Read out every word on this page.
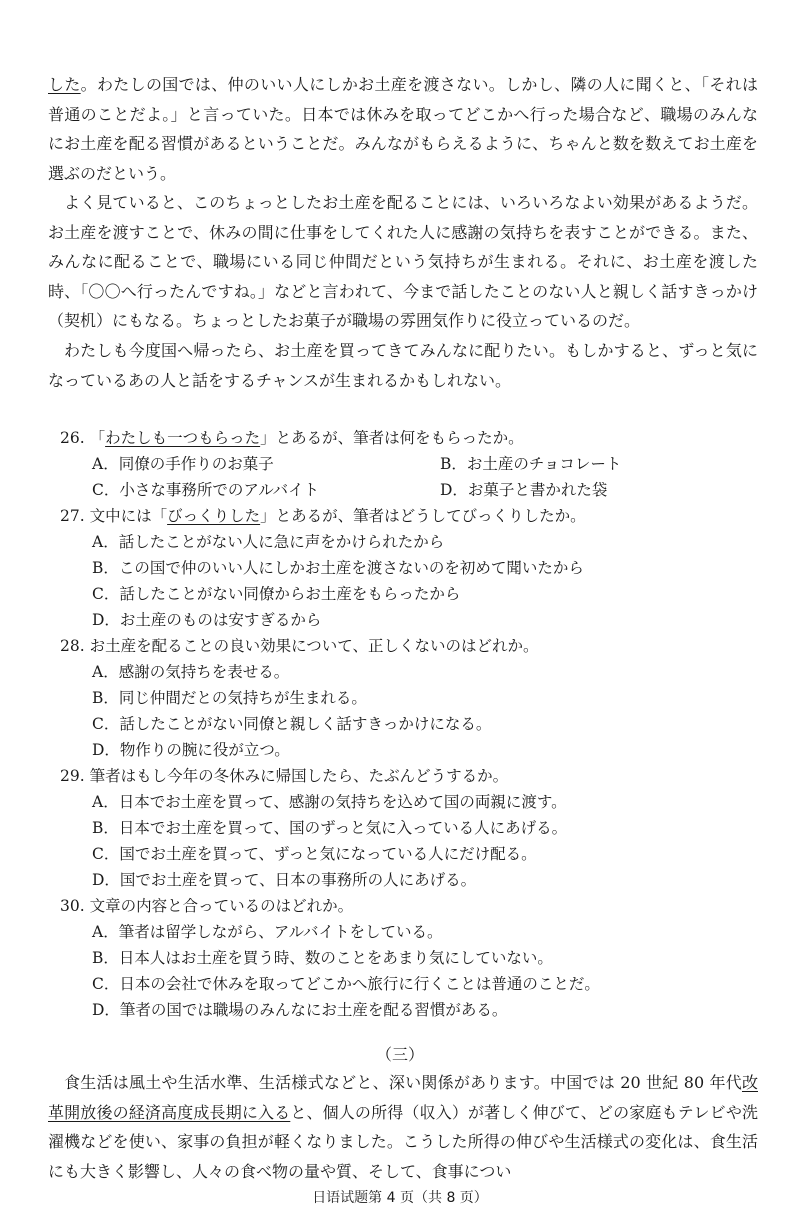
した。わたしの国では、仲のいい人にしかお土産を渡さない。しかし、隣の人に聞くと、「それは普通のことだよ。」と言っていた。日本では休みを取ってどこかへ行った場合など、職場のみんなにお土産を配る習慣があるということだ。みんながもらえるように、ちゃんと数を数えてお土産を選ぶのだという。

よく見ていると、このちょっとしたお土産を配ることには、いろいろなよい効果があるようだ。お土産を渡すことで、休みの間に仕事をしてくれた人に感謝の気持ちを表すことができる。また、みんなに配ることで、職場にいる同じ仲間だという気持ちが生まれる。それに、お土産を渡した時、「〇〇へ行ったんですね。」などと言われて、今まで話したことのない人と親しく話すきっかけ（契机）にもなる。ちょっとしたお菓子が職場の雰囲気作りに役立っているのだ。

わたしも今度国へ帰ったら、お土産を買ってきてみんなに配りたい。もしかすると、ずっと気になっているあの人と話をするチャンスが生まれるかもしれない。

26. 「わたしも一つもらった」とあるが、筆者は何をもらったか。
A．同僚の手作りのお菓子	B．お土産のチョコレート
C．小さな事務所でのアルバイト	D．お菓子と書かれた袋
27. 文中には「びっくりした」とあるが、筆者はどうしてびっくりしたか。
A．話したことがない人に急に声をかけられたから
B．この国で仲のいい人にしかお土産を渡さないのを初めて聞いたから
C．話したことがない同僚からお土産をもらったから
D．お土産のものは安すぎるから
28. お土産を配ることの良い効果について、正しくないのはどれか。
A．感謝の気持ちを表せる。
B．同じ仲間だとの気持ちが生まれる。
C．話したことがない同僚と親しく話すきっかけになる。
D．物作りの腕に役が立つ。
29. 筆者はもし今年の冬休みに帰国したら、たぶんどうするか。
A．日本でお土産を買って、感謝の気持ちを込めて国の両親に渡す。
B．日本でお土産を買って、国のずっと気に入っている人にあげる。
C．国でお土産を買って、ずっと気になっている人にだけ配る。
D．国でお土産を買って、日本の事務所の人にあげる。
30. 文章の内容と合っているのはどれか。
A．筆者は留学しながら、アルバイトをしている。
B．日本人はお土産を買う時、数のことをあまり気にしていない。
C．日本の会社で休みを取ってどこかへ旅行に行くことは普通のことだ。
D．筆者の国では職場のみんなにお土産を配る習慣がある。
（三）

食生活は風土や生活水準、生活様式などと、深い関係があります。中国では 20 世紀 80 年代改革開放後の経済高度成長期に入ると、個人の所得（収入）が著しく伸びて、どの家庭もテレビや洗濯機などを使い、家事の負担が軽くなりました。こうした所得の伸びや生活様式の変化は、食生活にも大きく影響し、人々の食べ物の量や質、そして、食事につい

日语试题第 4 页（共 8 页）
